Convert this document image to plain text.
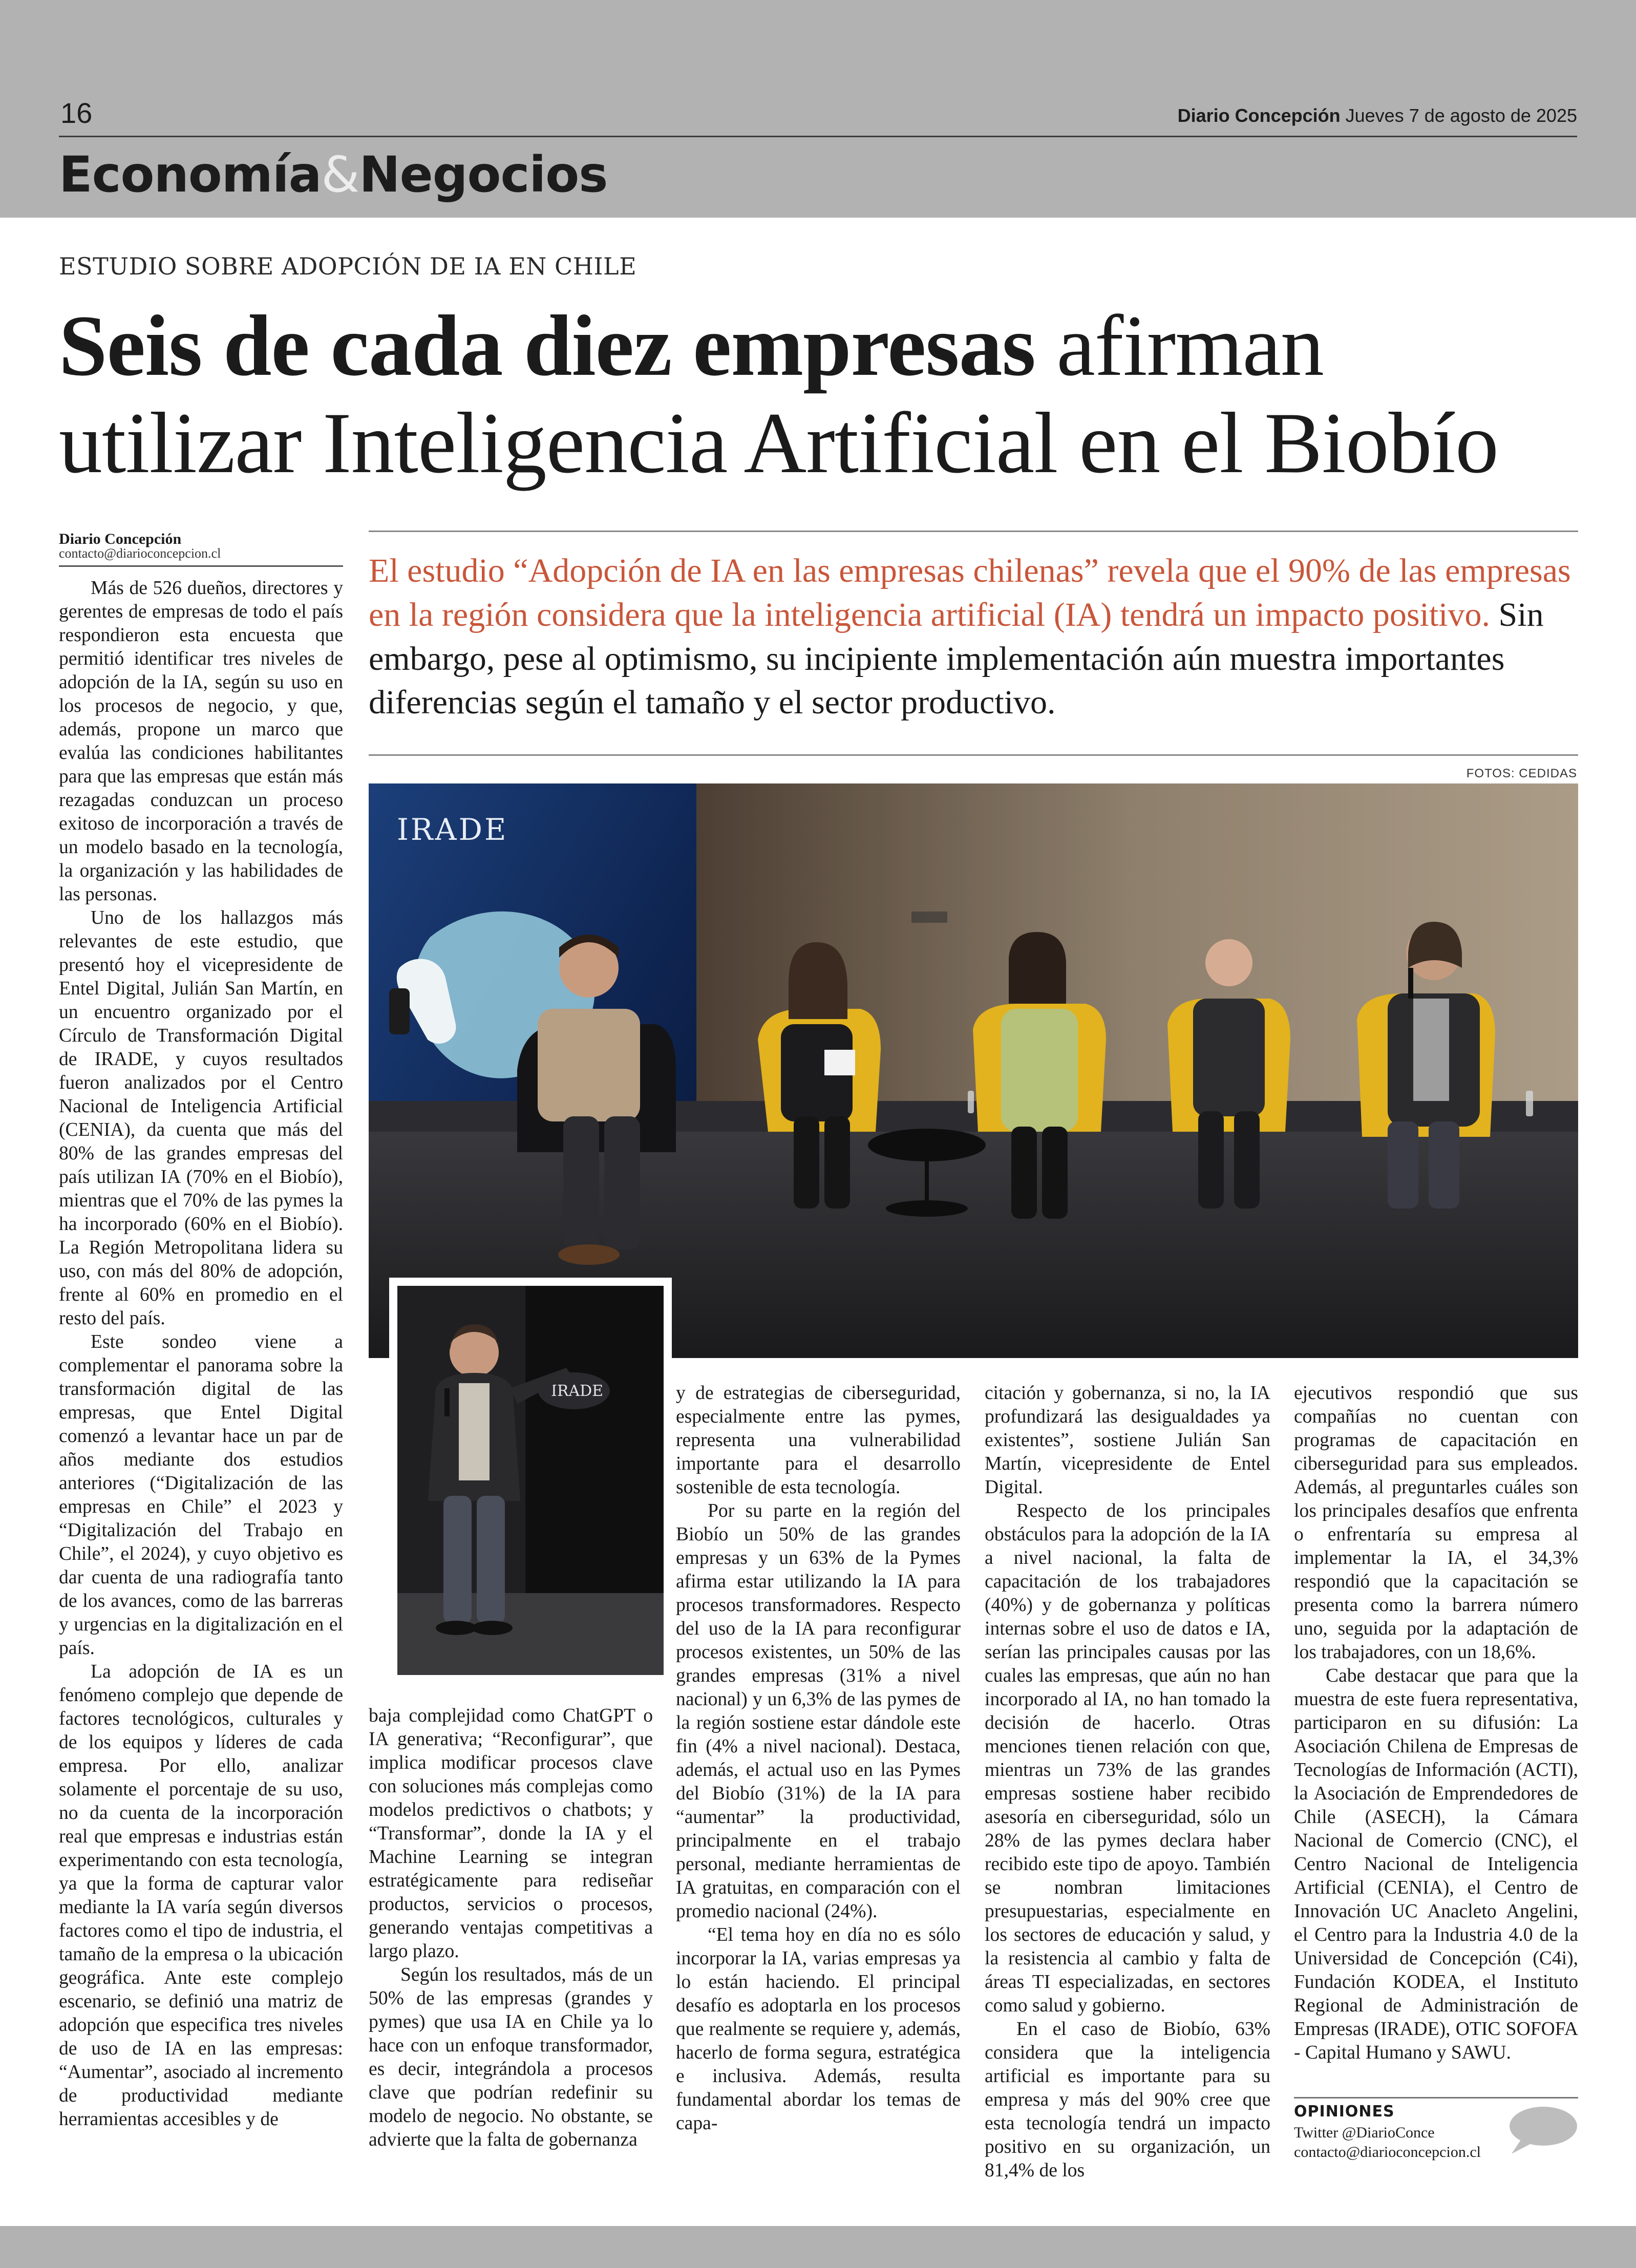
16	Diario Concepción Jueves 7 de agosto de 2025
Economía&Negocios
ESTUDIO SOBRE ADOPCIÓN DE IA EN CHILE
Seis de cada diez empresas afirman utilizar Inteligencia Artificial en el Biobío
Diario Concepción
contacto@diarioconcepcion.cl	El estudio “Adopción de IA en las empresas chilenas” revela que el 90% de las empresas en la región considera que la inteligencia artificial (IA) tendrá un impacto positivo. Sin embargo, pese al optimismo, su incipiente implementación aún muestra importantes diferencias según el tamaño y el sector productivo.
FOTOS: CEDIDAS
IRADE
IRADE

Más de 526 dueños, directores y gerentes de empresas de todo el país respondieron esta encuesta que permitió identificar tres niveles de adopción de la IA, según su uso en los procesos de negocio, y que, además, propone un marco que evalúa las condiciones habilitantes para que las empresas que están más rezagadas conduzcan un proceso exitoso de incorporación a través de un modelo basado en la tecnología, la organización y las habilidades de las personas.

Uno de los hallazgos más relevantes de este estudio, que presentó hoy el vicepresidente de Entel Digital, Julián San Martín, en un encuentro organizado por el Círculo de Transformación Digital de IRADE, y cuyos resultados fueron analizados por el Centro Nacional de Inteligencia Artificial (CENIA), da cuenta que más del 80% de las grandes empresas del país utilizan IA (70% en el Biobío), mientras que el 70% de las pymes la ha incorporado (60% en el Biobío). La Región Metropolitana lidera su uso, con más del 80% de adopción, frente al 60% en promedio en el resto del país.

Este sondeo viene a complementar el panorama sobre la transformación digital de las empresas, que Entel Digital comenzó a levantar hace un par de años mediante dos estudios anteriores (“Digitalización de las empresas en Chile” el 2023 y “Digitalización del Trabajo en Chile”, el 2024), y cuyo objetivo es dar cuenta de una radiografía tanto de los avances, como de las barreras y urgencias en la digitalización en el país.

La adopción de IA es un fenómeno complejo que depende de factores tecnológicos, culturales y de los equipos y líderes de cada empresa. Por ello, analizar solamente el porcentaje de su uso, no da cuenta de la incorporación real que empresas e industrias están experimentando con esta tecnología, ya que la forma de capturar valor mediante la IA varía según diversos factores como el tipo de industria, el tamaño de la empresa o la ubicación geográfica. Ante este complejo escenario, se definió una matriz de adopción que especifica tres niveles de uso de IA en las empresas: “Aumentar”, asociado al incremento de productividad mediante herramientas accesibles y de

baja complejidad como ChatGPT o IA generativa; “Reconfigurar”, que implica modificar procesos clave con soluciones más complejas como modelos predictivos o chatbots; y “Transformar”, donde la IA y el Machine Learning se integran estratégicamente para rediseñar productos, servicios o procesos, generando ventajas competitivas a largo plazo.

Según los resultados, más de un 50% de las empresas (grandes y pymes) que usa IA en Chile ya lo hace con un enfoque transformador, es decir, integrándola a procesos clave que podrían redefinir su modelo de negocio. No obstante, se advierte que la falta de gobernanza

y de estrategias de ciberseguridad, especialmente entre las pymes, representa una vulnerabilidad importante para el desarrollo sostenible de esta tecnología.

Por su parte en la región del Biobío un 50% de las grandes empresas y un 63% de la Pymes afirma estar utilizando la IA para procesos transformadores. Respecto del uso de la IA para reconfigurar procesos existentes, un 50% de las grandes empresas (31% a nivel nacional) y un 6,3% de las pymes de la región sostiene estar dándole este fin (4% a nivel nacional). Destaca, además, el actual uso en las Pymes del Biobío (31%) de la IA para “aumentar” la productividad, principalmente en el trabajo personal, mediante herramientas de IA gratuitas, en comparación con el promedio nacional (24%).

“El tema hoy en día no es sólo incorporar la IA, varias empresas ya lo están haciendo. El principal desafío es adoptarla en los procesos que realmente se requiere y, además, hacerlo de forma segura, estratégica e inclusiva. Además, resulta fundamental abordar los temas de capa-

citación y gobernanza, si no, la IA profundizará las desigualdades ya existentes”, sostiene Julián San Martín, vicepresidente de Entel Digital.

Respecto de los principales obstáculos para la adopción de la IA a nivel nacional, la falta de capacitación de los trabajadores (40%) y de gobernanza y políticas internas sobre el uso de datos e IA, serían las principales causas por las cuales las empresas, que aún no han incorporado al IA, no han tomado la decisión de hacerlo. Otras menciones tienen relación con que, mientras un 73% de las grandes empresas sostiene haber recibido asesoría en ciberseguridad, sólo un 28% de las pymes declara haber recibido este tipo de apoyo. También se nombran limitaciones presupuestarias, especialmente en los sectores de educación y salud, y la resistencia al cambio y falta de áreas TI especializadas, en sectores como salud y gobierno.

En el caso de Biobío, 63% considera que la inteligencia artificial es importante para su empresa y más del 90% cree que esta tecnología tendrá un impacto positivo en su organización, un 81,4% de los

ejecutivos respondió que sus compañías no cuentan con programas de capacitación en ciberseguridad para sus empleados. Además, al preguntarles cuáles son los principales desafíos que enfrenta o enfrentaría su empresa al implementar la IA, el 34,3% respondió que la capacitación se presenta como la barrera número uno, seguida por la adaptación de los trabajadores, con un 18,6%.

Cabe destacar que para que la muestra de este fuera representativa, participaron en su difusión: La Asociación Chilena de Empresas de Tecnologías de Información (ACTI), la Asociación de Emprendedores de Chile (ASECH), la Cámara Nacional de Comercio (CNC), el Centro Nacional de Inteligencia Artificial (CENIA), el Centro de Innovación UC Anacleto Angelini, el Centro para la Industria 4.0 de la Universidad de Concepción (C4i), Fundación KODEA, el Instituto Regional de Administración de Empresas (IRADE), OTIC SOFOFA - Capital Humano y SAWU.

OPINIONES
Twitter @DiarioConce
contacto@diarioconcepcion.cl
